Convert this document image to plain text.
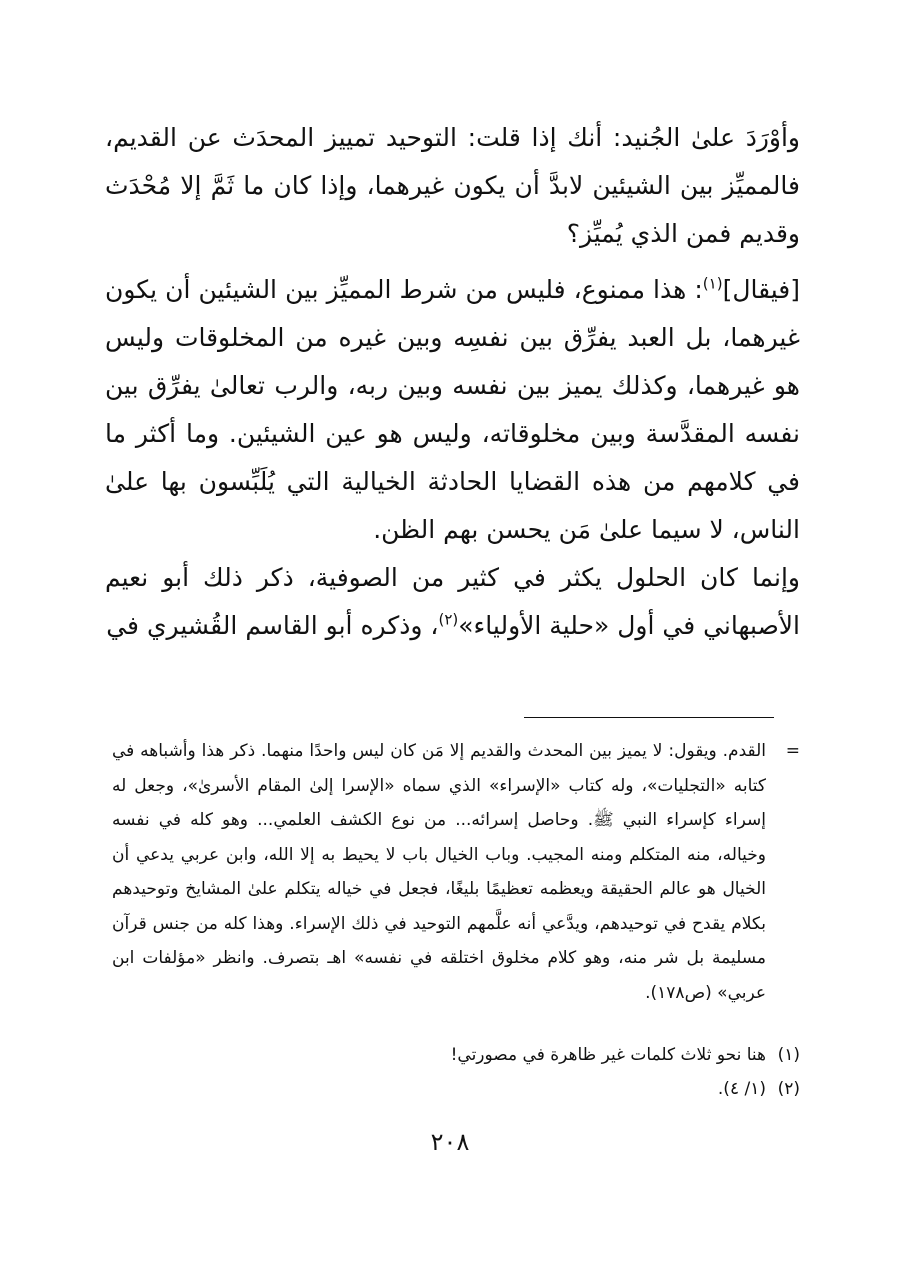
وأوْرَدَ علىٰ الجُنيد: أنك إذا قلت: التوحيد تمييز المحدَث عن القديم، فالمميِّز بين الشيئين لابدَّ أن يكون غيرهما، وإذا كان ما ثَمَّ إلا مُحْدَث وقديم فمن الذي يُميِّز؟

[فيقال]$^{(١)}$: هذا ممنوع، فليس من شرط المميِّز بين الشيئين أن يكون غيرهما، بل العبد يفرِّق بين نفسِه وبين غيره من المخلوقات وليس هو غيرهما، وكذلك يميز بين نفسه وبين ربه، والرب تعالىٰ يفرِّق بين نفسه المقدَّسة وبين مخلوقاته، وليس هو عين الشيئين. وما أكثر ما في كلامهم من هذه القضايا الحادثة الخيالية التي يُلَبِّسون بها علىٰ الناس، لا سيما علىٰ مَن يحسن بهم الظن.

وإنما كان الحلول يكثر في كثير من الصوفية، ذكر ذلك أبو نعيم الأصبهاني في أول «حلية الأولياء»$^{(٢)}$، وذكره أبو القاسم القُشيري في

=
القدم. ويقول: لا يميز بين المحدث والقديم إلا مَن كان ليس واحدًا منهما. ذكر هذا وأشباهه في كتابه «التجليات»، وله كتاب «الإسراء» الذي سماه «الإسرا إلىٰ المقام الأسرىٰ»، وجعل له إسراء كإسراء النبي ﷺ. وحاصل إسرائه... من نوع الكشف العلمي... وهو كله في نفسه وخياله، منه المتكلم ومنه المجيب. وباب الخيال باب لا يحيط به إلا الله، وابن عربي يدعي أن الخيال هو عالم الحقيقة ويعظمه تعظيمًا بليغًا، فجعل في خياله يتكلم علىٰ المشايخ وتوحيدهم بكلام يقدح في توحيدهم، ويدَّعي أنه علَّمهم التوحيد في ذلك الإسراء. وهذا كله من جنس قرآن مسليمة بل شر منه، وهو كلام مخلوق اختلقه في نفسه» اهـ بتصرف. وانظر «مؤلفات ابن عربي» (ص١٧٨).

(١)هنا نحو ثلاث كلمات غير ظاهرة في مصورتي!

(٢)(١/ ٤).

٢٠٨
